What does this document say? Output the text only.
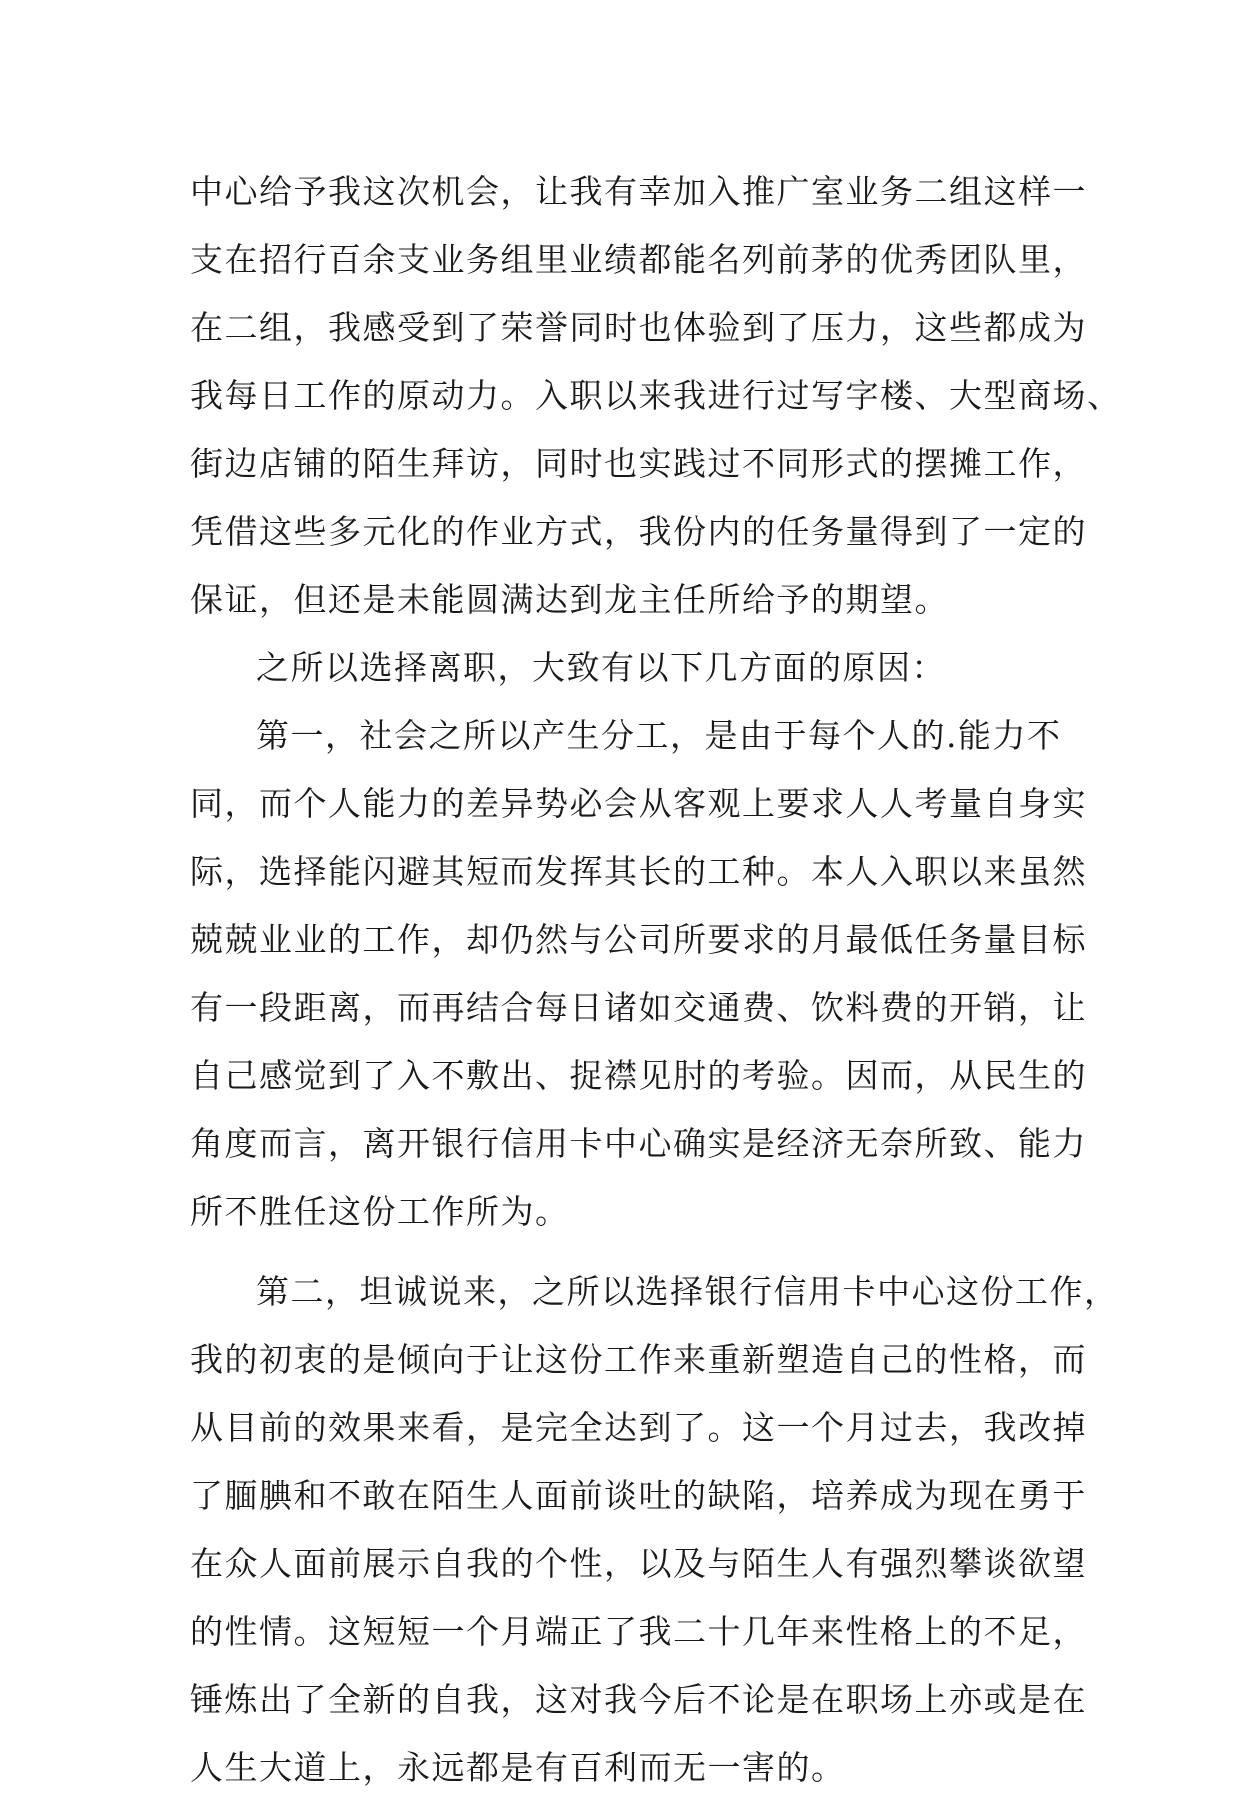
中心给予我这次机会，让我有幸加入推广室业务二组这样一
支在招行百余支业务组里业绩都能名列前茅的优秀团队里，
在二组，我感受到了荣誉同时也体验到了压力，这些都成为
我每日工作的原动力。入职以来我进行过写字楼、大型商场、
街边店铺的陌生拜访，同时也实践过不同形式的摆摊工作，
凭借这些多元化的作业方式，我份内的任务量得到了一定的
保证，但还是未能圆满达到龙主任所给予的期望。
之所以选择离职，大致有以下几方面的原因：
第一，社会之所以产生分工，是由于每个人的.能力不
同，而个人能力的差异势必会从客观上要求人人考量自身实
际，选择能闪避其短而发挥其长的工种。本人入职以来虽然
兢兢业业的工作，却仍然与公司所要求的月最低任务量目标
有一段距离，而再结合每日诸如交通费、饮料费的开销，让
自己感觉到了入不敷出、捉襟见肘的考验。因而，从民生的
角度而言，离开银行信用卡中心确实是经济无奈所致、能力
所不胜任这份工作所为。
第二，坦诚说来，之所以选择银行信用卡中心这份工作，
我的初衷的是倾向于让这份工作来重新塑造自己的性格，而
从目前的效果来看，是完全达到了。这一个月过去，我改掉
了腼腆和不敢在陌生人面前谈吐的缺陷，培养成为现在勇于
在众人面前展示自我的个性，以及与陌生人有强烈攀谈欲望
的性情。这短短一个月端正了我二十几年来性格上的不足，
锤炼出了全新的自我，这对我今后不论是在职场上亦或是在
人生大道上，永远都是有百利而无一害的。
